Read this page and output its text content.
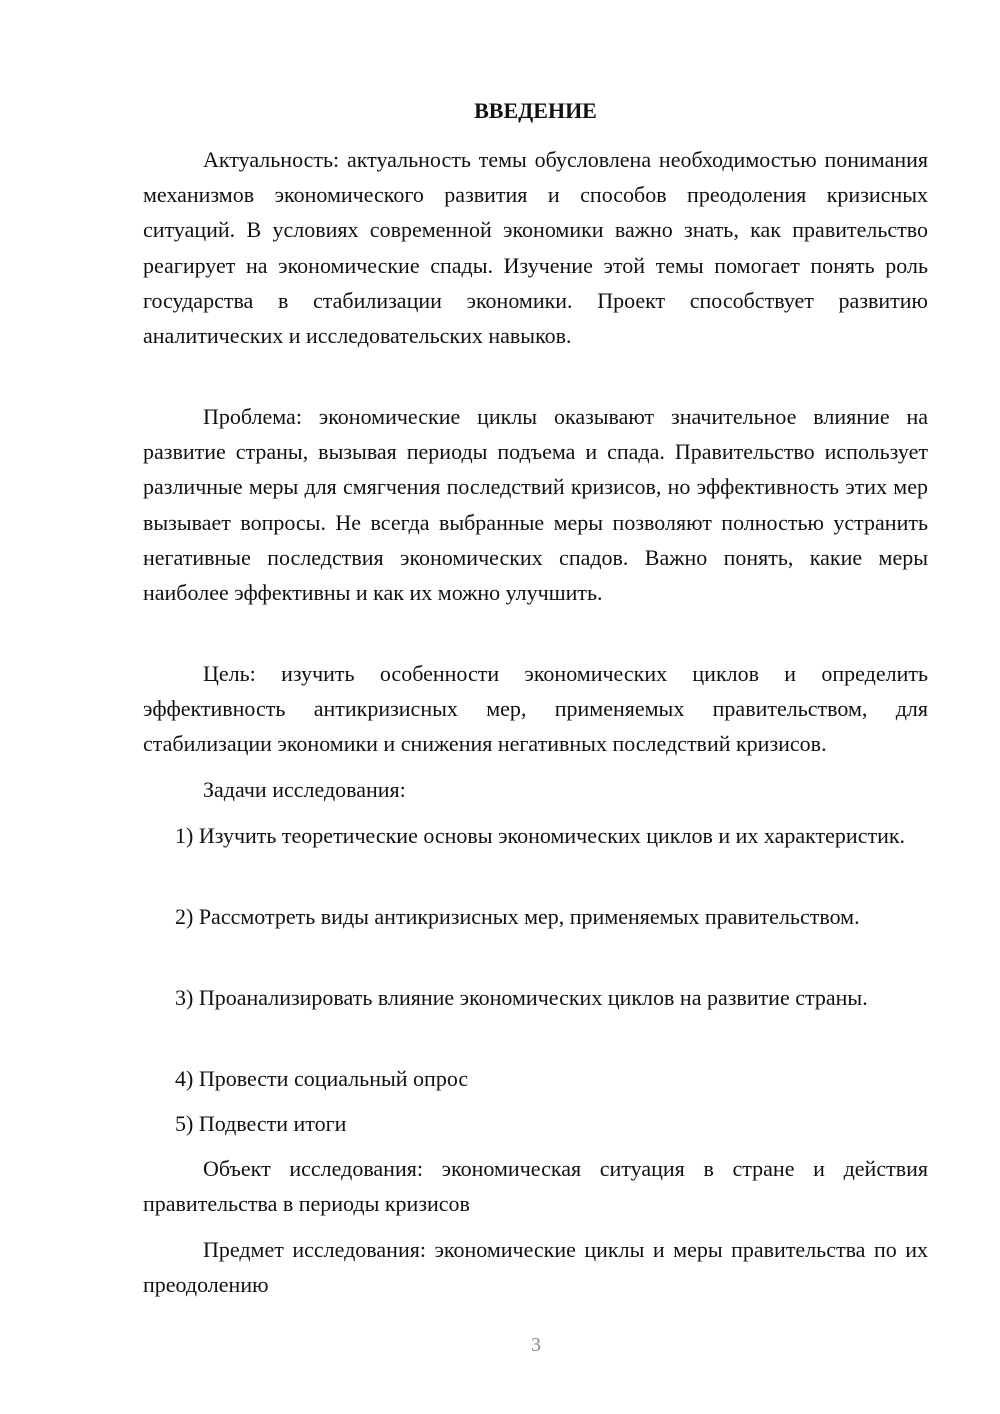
ВВЕДЕНИЕ

Актуальность: актуальность темы обусловлена необходимостью понимания механизмов экономического развития и способов преодоления кризисных ситуаций. В условиях современной экономики важно знать, как правительство реагирует на экономические спады. Изучение этой темы помогает понять роль государства в стабилизации экономики. Проект способствует развитию аналитических и исследовательских навыков.

Проблема: экономические циклы оказывают значительное влияние на развитие страны, вызывая периоды подъема и спада. Правительство использует различные меры для смягчения последствий кризисов, но эффективность этих мер вызывает вопросы. Не всегда выбранные меры позволяют полностью устранить негативные последствия экономических спадов. Важно понять, какие меры наиболее эффективны и как их можно улучшить.

Цель: изучить особенности экономических циклов и определить эффективность антикризисных мер, применяемых правительством, для стабилизации экономики и снижения негативных последствий кризисов.

Задачи исследования:

1) Изучить теоретические основы экономических циклов и их характеристик.

2) Рассмотреть виды антикризисных мер, применяемых правительством.

3) Проанализировать влияние экономических циклов на развитие страны.

4) Провести социальный опрос

5) Подвести итоги

Объект исследования: экономическая ситуация в стране и действия правительства в периоды кризисов

Предмет исследования: экономические циклы и меры правительства по их преодолению

3
